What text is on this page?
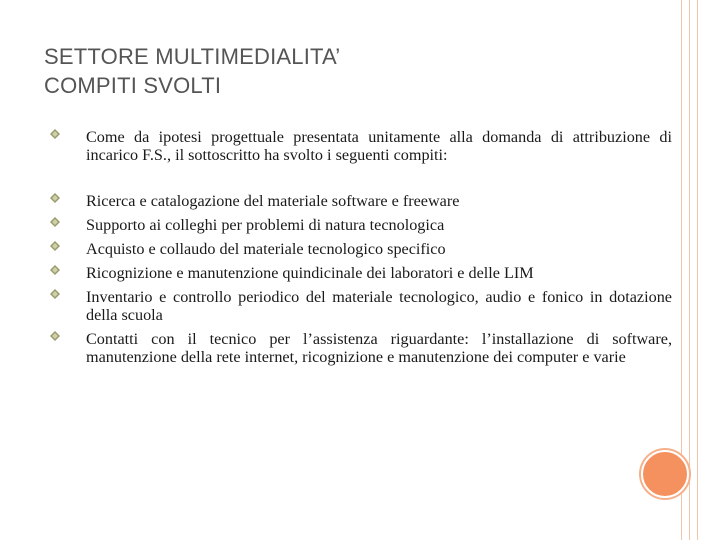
SETTORE MULTIMEDIALITA’
COMPITI SVOLTI
Come da ipotesi progettuale presentata unitamente alla domanda di attribuzione di incarico F.S., il sottoscritto ha svolto i seguenti compiti:
Ricerca e catalogazione del materiale software e freeware
Supporto ai colleghi per problemi di natura tecnologica
Acquisto e collaudo del materiale tecnologico specifico
Ricognizione e manutenzione quindicinale dei laboratori e delle LIM
Inventario e controllo periodico del materiale tecnologico, audio e fonico in dotazione della scuola
Contatti con il tecnico per l’assistenza riguardante: l’installazione di software, manutenzione della rete internet, ricognizione e manutenzione dei computer e varie
